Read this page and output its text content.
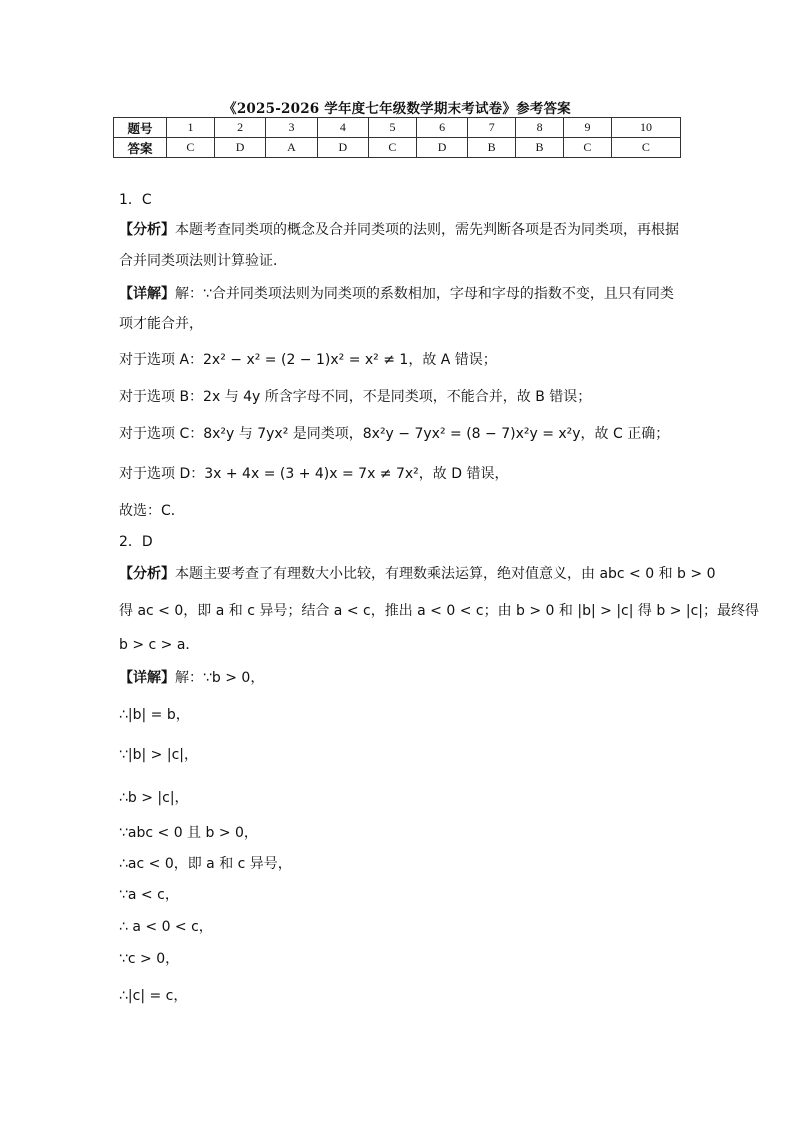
《2025-2026 学年度七年级数学期末考试卷》参考答案
题号	1	2	3	4	5	6	7	8	9	10
答案	C	D	A	D	C	D	B	B	C	C
1．C
【分析】本题考查同类项的概念及合并同类项的法则，需先判断各项是否为同类项，再根据
合并同类项法则计算验证．
【详解】解：∵合并同类项法则为同类项的系数相加，字母和字母的指数不变，且只有同类
项才能合并，
对于选项 A：2x² − x² = (2 − 1)x² = x² ≠ 1，故 A 错误；
对于选项 B：2x 与 4y 所含字母不同，不是同类项，不能合并，故 B 错误；
对于选项 C：8x²y 与 7yx² 是同类项，8x²y − 7yx² = (8 − 7)x²y = x²y，故 C 正确；
对于选项 D：3x + 4x = (3 + 4)x = 7x ≠ 7x²，故 D 错误，
故选：C．
2．D
【分析】本题主要考查了有理数大小比较，有理数乘法运算，绝对值意义，由 abc < 0 和 b > 0
得 ac < 0，即 a 和 c 异号；结合 a < c，推出 a < 0 < c；由 b > 0 和 |b| > |c| 得 b > |c|；最终得
b > c > a．
【详解】解：∵b > 0，
∴|b| = b，
∵|b| > |c|，
∴b > |c|，
∵abc < 0 且 b > 0，
∴ac < 0，即 a 和 c 异号，
∵a < c，
∴ a < 0 < c，
∵c > 0，
∴|c| = c，
